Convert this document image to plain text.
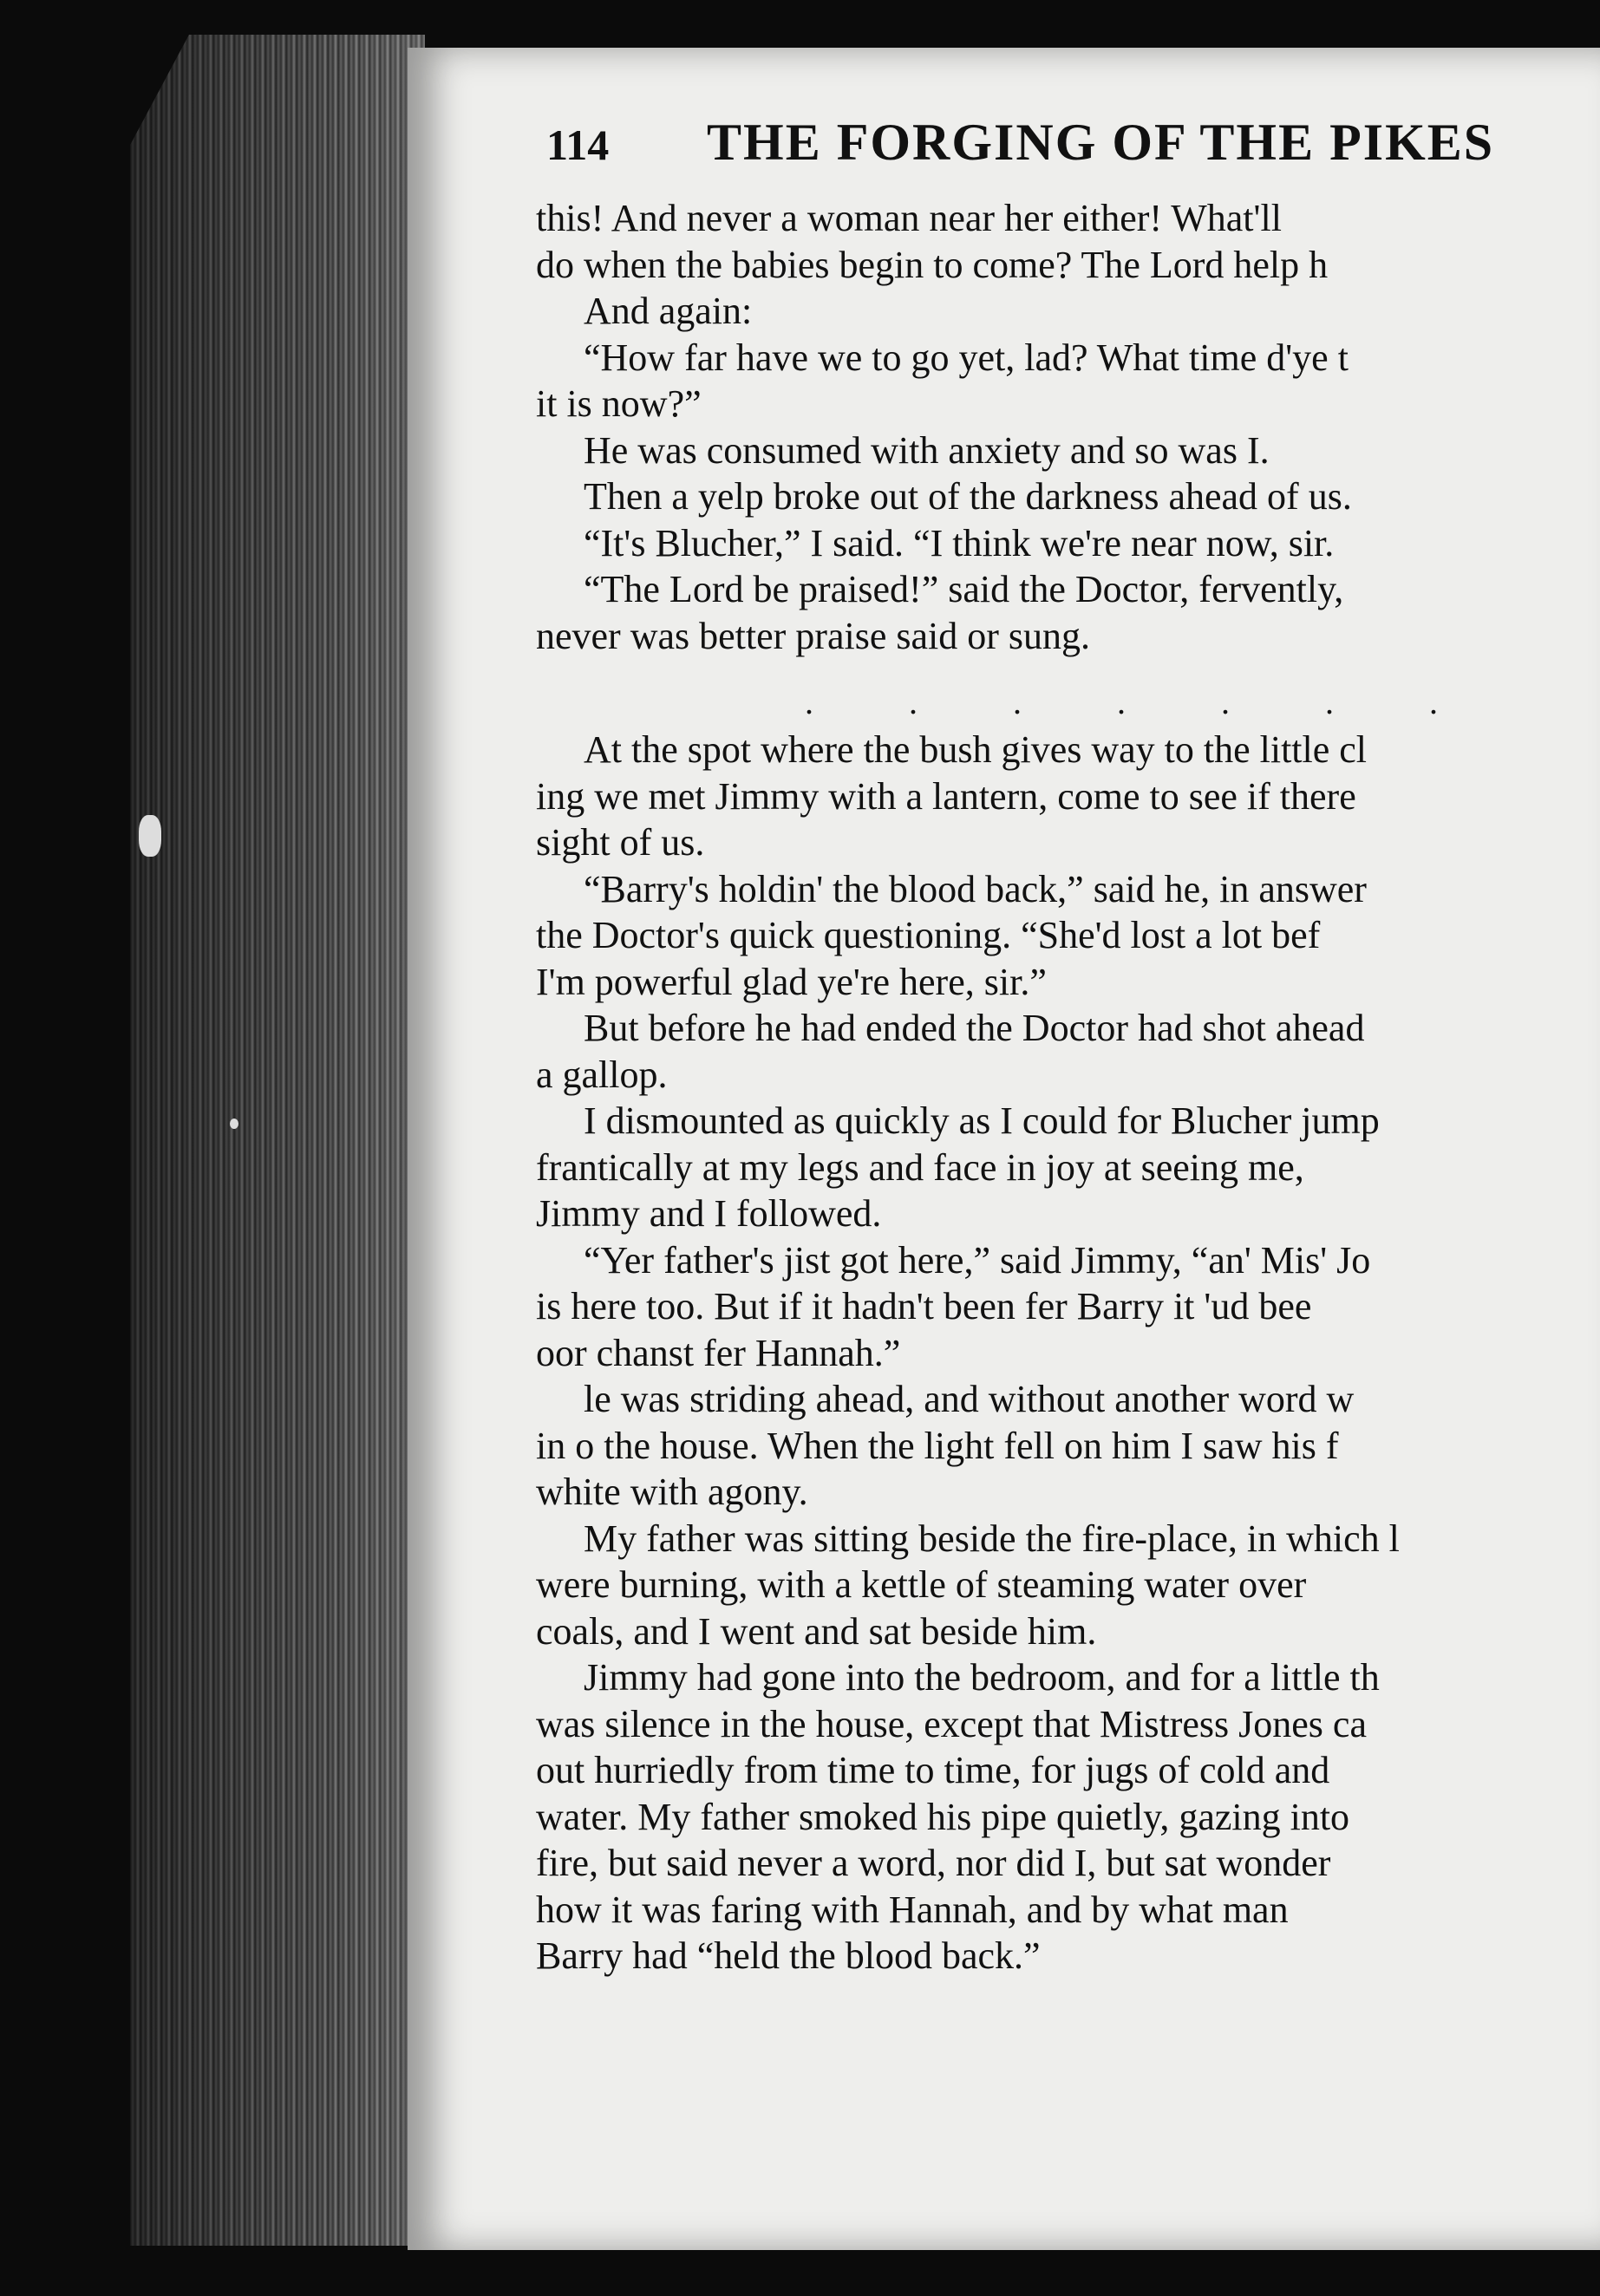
114 THE FORGING OF THE PIKES
this! And never a woman near her either! What'll
do when the babies begin to come? The Lord help h
And again:
“How far have we to go yet, lad? What time d'ye t
it is now?”
He was consumed with anxiety and so was I.
Then a yelp broke out of the darkness ahead of us.
“It's Blucher,” I said. “I think we're near now, sir.
“The Lord be praised!” said the Doctor, fervently,
never was better praise said or sung.
. . . . . . .
At the spot where the bush gives way to the little cl
ing we met Jimmy with a lantern, come to see if there
sight of us.
“Barry's holdin' the blood back,” said he, in answer
the Doctor's quick questioning. “She'd lost a lot bef
I'm powerful glad ye're here, sir.”
But before he had ended the Doctor had shot ahead
a gallop.
I dismounted as quickly as I could for Blucher jump
frantically at my legs and face in joy at seeing me,
Jimmy and I followed.
“Yer father's jist got here,” said Jimmy, “an' Mis' Jo
is here too. But if it hadn't been fer Barry it 'ud bee
oor chanst fer Hannah.”
le was striding ahead, and without another word w
in o the house. When the light fell on him I saw his f
white with agony.
My father was sitting beside the fire-place, in which l
were burning, with a kettle of steaming water over
coals, and I went and sat beside him.
Jimmy had gone into the bedroom, and for a little th
was silence in the house, except that Mistress Jones ca
out hurriedly from time to time, for jugs of cold and
water. My father smoked his pipe quietly, gazing into
fire, but said never a word, nor did I, but sat wonder
how it was faring with Hannah, and by what man
Barry had “held the blood back.”
